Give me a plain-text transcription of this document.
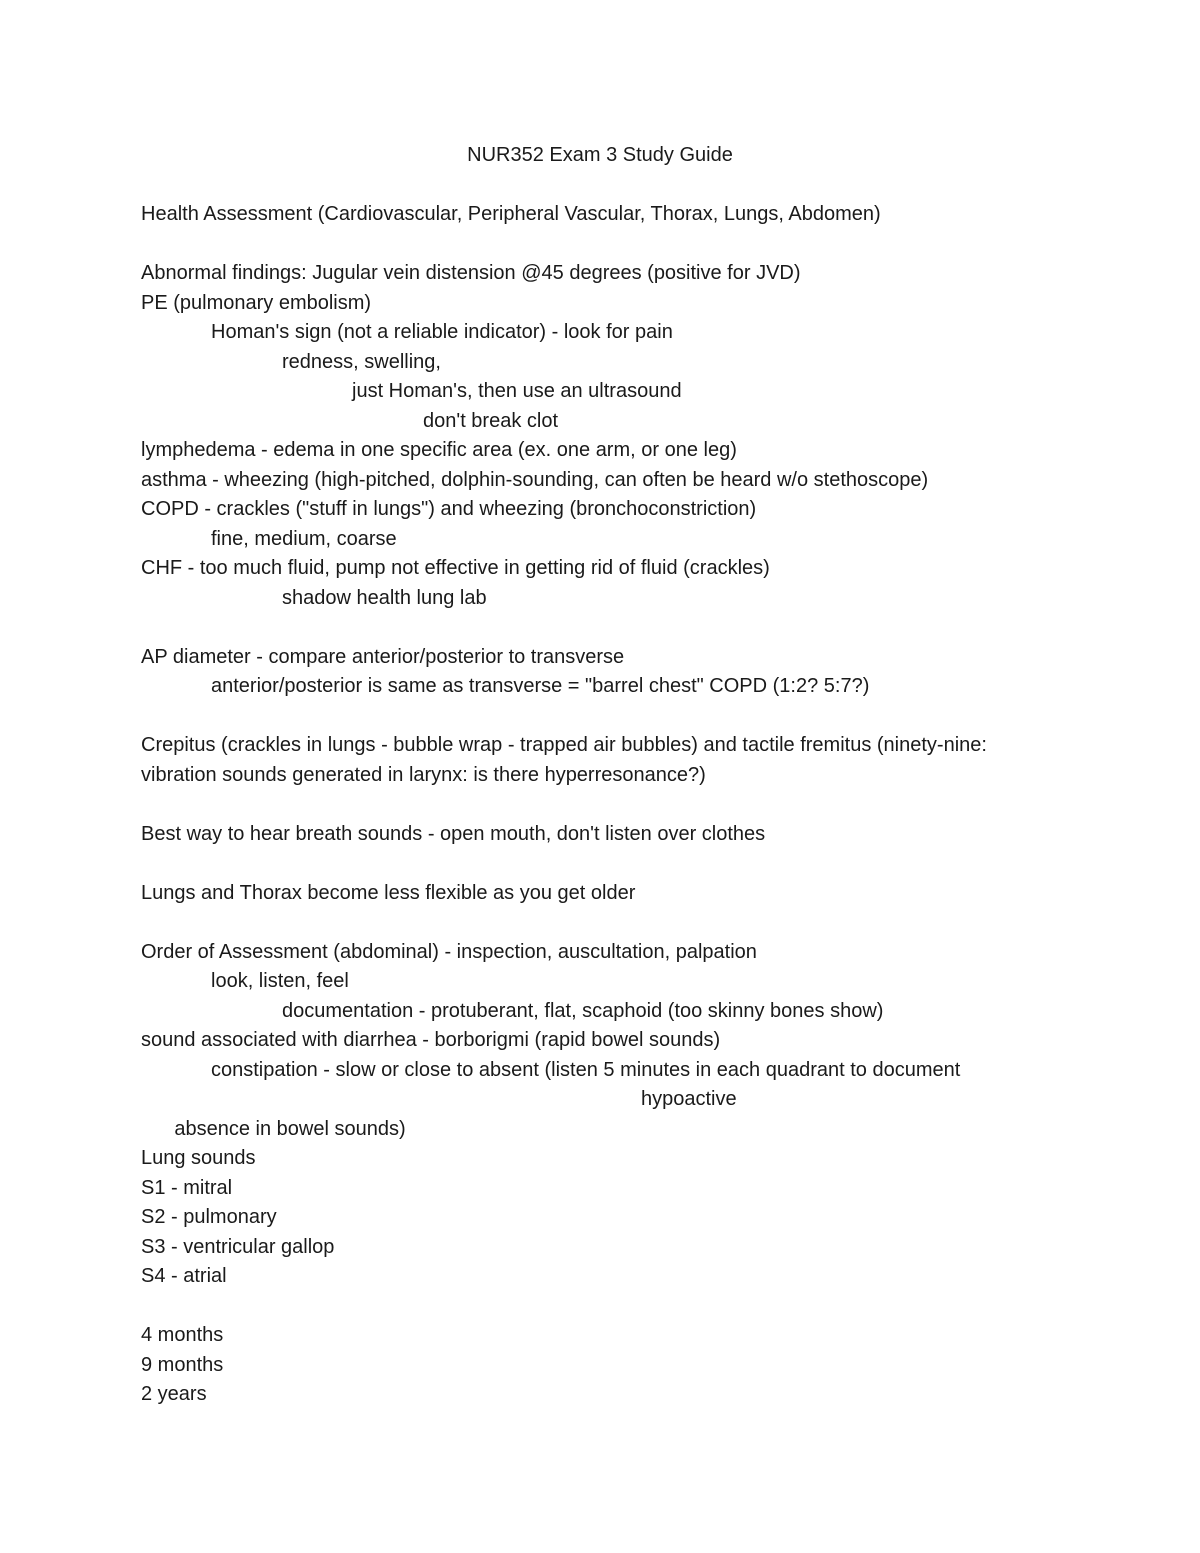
NUR352 Exam 3 Study Guide
Health Assessment (Cardiovascular, Peripheral Vascular, Thorax, Lungs, Abdomen)
Abnormal findings: Jugular vein distension @45 degrees (positive for JVD)
PE (pulmonary embolism)
Homan's sign (not a reliable indicator) - look for pain
redness, swelling,
just Homan's, then use an ultrasound
don't break clot
lymphedema - edema in one specific area (ex. one arm, or one leg)
asthma - wheezing (high-pitched, dolphin-sounding, can often be heard w/o stethoscope)
COPD - crackles ("stuff in lungs") and wheezing (bronchoconstriction)
fine, medium, coarse
CHF - too much fluid, pump not effective in getting rid of fluid (crackles)
shadow health lung lab
AP diameter - compare anterior/posterior to transverse
anterior/posterior is same as transverse = "barrel chest" COPD (1:2? 5:7?)
Crepitus (crackles in lungs - bubble wrap - trapped air bubbles) and tactile fremitus (ninety-nine:
vibration sounds generated in larynx: is there hyperresonance?)
Best way to hear breath sounds - open mouth, don't listen over clothes
Lungs and Thorax become less flexible as you get older
Order of Assessment (abdominal) - inspection, auscultation, palpation
look, listen, feel
documentation - protuberant, flat, scaphoid (too skinny bones show)
sound associated with diarrhea - borborigmi (rapid bowel sounds)
constipation - slow or close to absent (listen 5 minutes in each quadrant to document

absence in bowel sounds)

hypoactive

Lung sounds
S1 - mitral
S2 - pulmonary
S3 - ventricular gallop
S4 - atrial
4 months
9 months
2 years
